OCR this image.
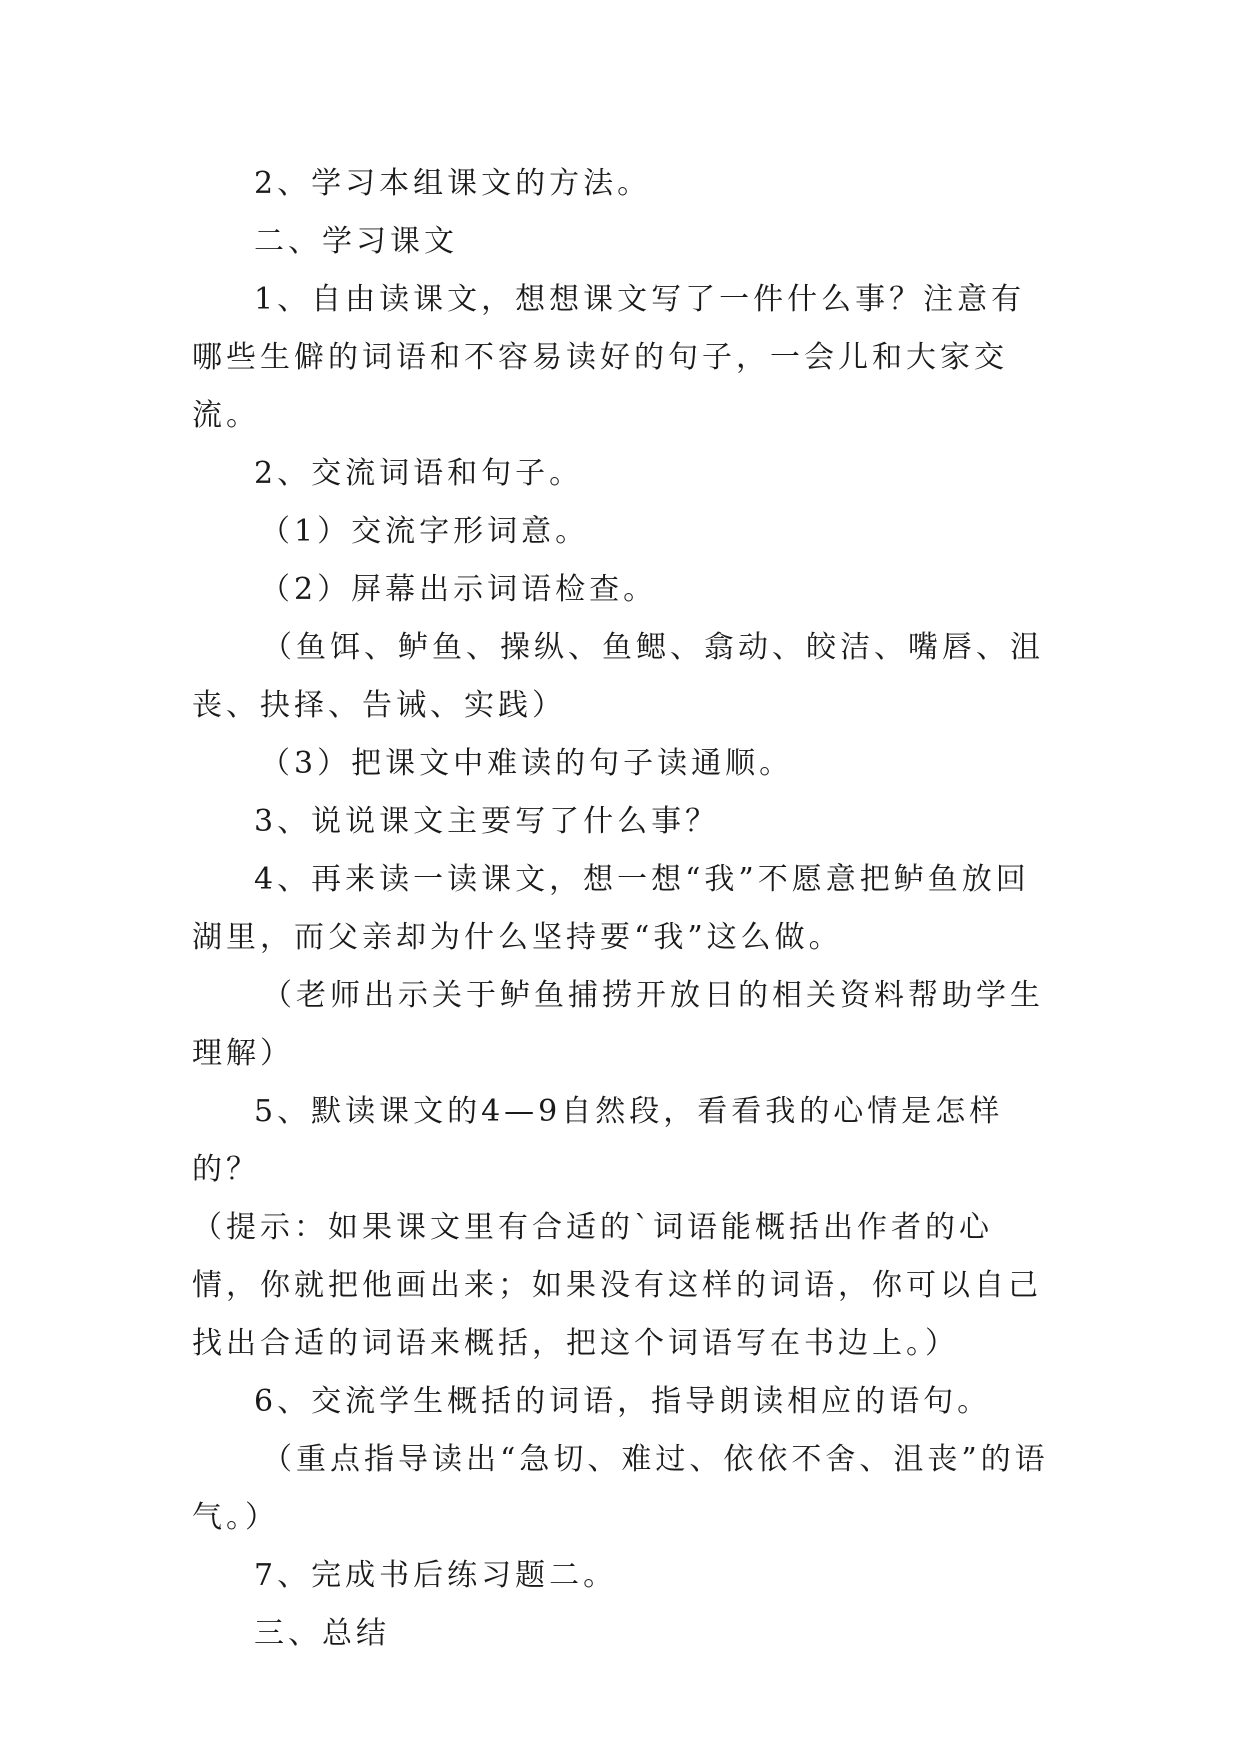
2、学习本组课文的方法。

二、学习课文

1、自由读课文，想想课文写了一件什么事？注意有哪些生僻的词语和不容易读好的句子，一会儿和大家交流。

2、交流词语和句子。

（1）交流字形词意。

（2）屏幕出示词语检查。

（鱼饵、鲈鱼、操纵、鱼鳃、翕动、皎洁、嘴唇、沮丧、抉择、告诫、实践）

（3）把课文中难读的句子读通顺。

3、说说课文主要写了什么事？

4、再来读一读课文，想一想“我”不愿意把鲈鱼放回湖里，而父亲却为什么坚持要“我”这么做。

（老师出示关于鲈鱼捕捞开放日的相关资料帮助学生理解）

5、默读课文的4—9自然段，看看我的心情是怎样的？

（提示：如果课文里有合适的`词语能概括出作者的心情，你就把他画出来；如果没有这样的词语，你可以自己找出合适的词语来概括，把这个词语写在书边上。）

6、交流学生概括的词语，指导朗读相应的语句。

（重点指导读出“急切、难过、依依不舍、沮丧”的语气。）

7、完成书后练习题二。

三、总结
